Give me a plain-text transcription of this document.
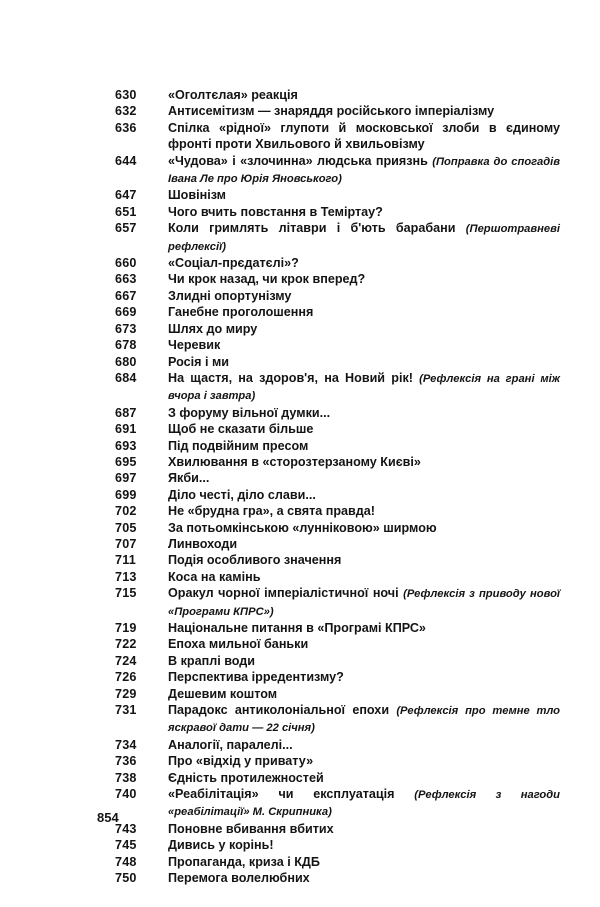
630	«Оголтєлая» реакція
632	Антисемітизм — знаряддя російського імперіалізму
636	Спілка «рідної» глупоти й московської злоби в єдиному фронті проти Хвильового й хвильовізму
644	«Чудова» і «злочинна» людська приязнь (Поправка до спогадів Івана Ле про Юрія Яновського)
647	Шовінізм
651	Чого вчить повстання в Теміртау?
657	Коли гримлять літаври і б'ють барабани (Першотравневі рефлексії)
660	«Соціал-прєдатєлі»?
663	Чи крок назад, чи крок вперед?
667	Злидні опортунізму
669	Ганебне проголошення
673	Шлях до миру
678	Черевик
680	Росія і ми
684	На щастя, на здоров'я, на Новий рік! (Рефлексія на грані між вчора і завтра)
687	З форуму вільної думки...
691	Щоб не сказати більше
693	Під подвійним пресом
695	Хвилювання в «сторозтерзаному Києві»
697	Якби...
699	Діло честі, діло слави...
702	Не «брудна гра», а свята правда!
705	За потьомкінською «лунніковою» ширмою
707	Линвоходи
711	Подія особливого значення
713	Коса на камінь
715	Оракул чорної імперіалістичної ночі (Рефлексія з приводу нової «Програми КПРС»)
719	Національне питання в «Програмі КПРС»
722	Епоха мильної баньки
724	В краплі води
726	Перспектива ірредентизму?
729	Дешевим коштом
731	Парадокс антиколоніальної епохи (Рефлексія про темне тло яскравої дати — 22 січня)
734	Аналогії, паралелі...
736	Про «відхід у привату»
738	Єдність протилежностей
740	«Реабілітація» чи експлуатація (Рефлексія з нагоди «реабілітації» М. Скрипника)
743	Поновне вбивання вбитих
745	Дивись у корінь!
748	Пропаганда, криза і КДБ
750	Перемога волелюбних
854
